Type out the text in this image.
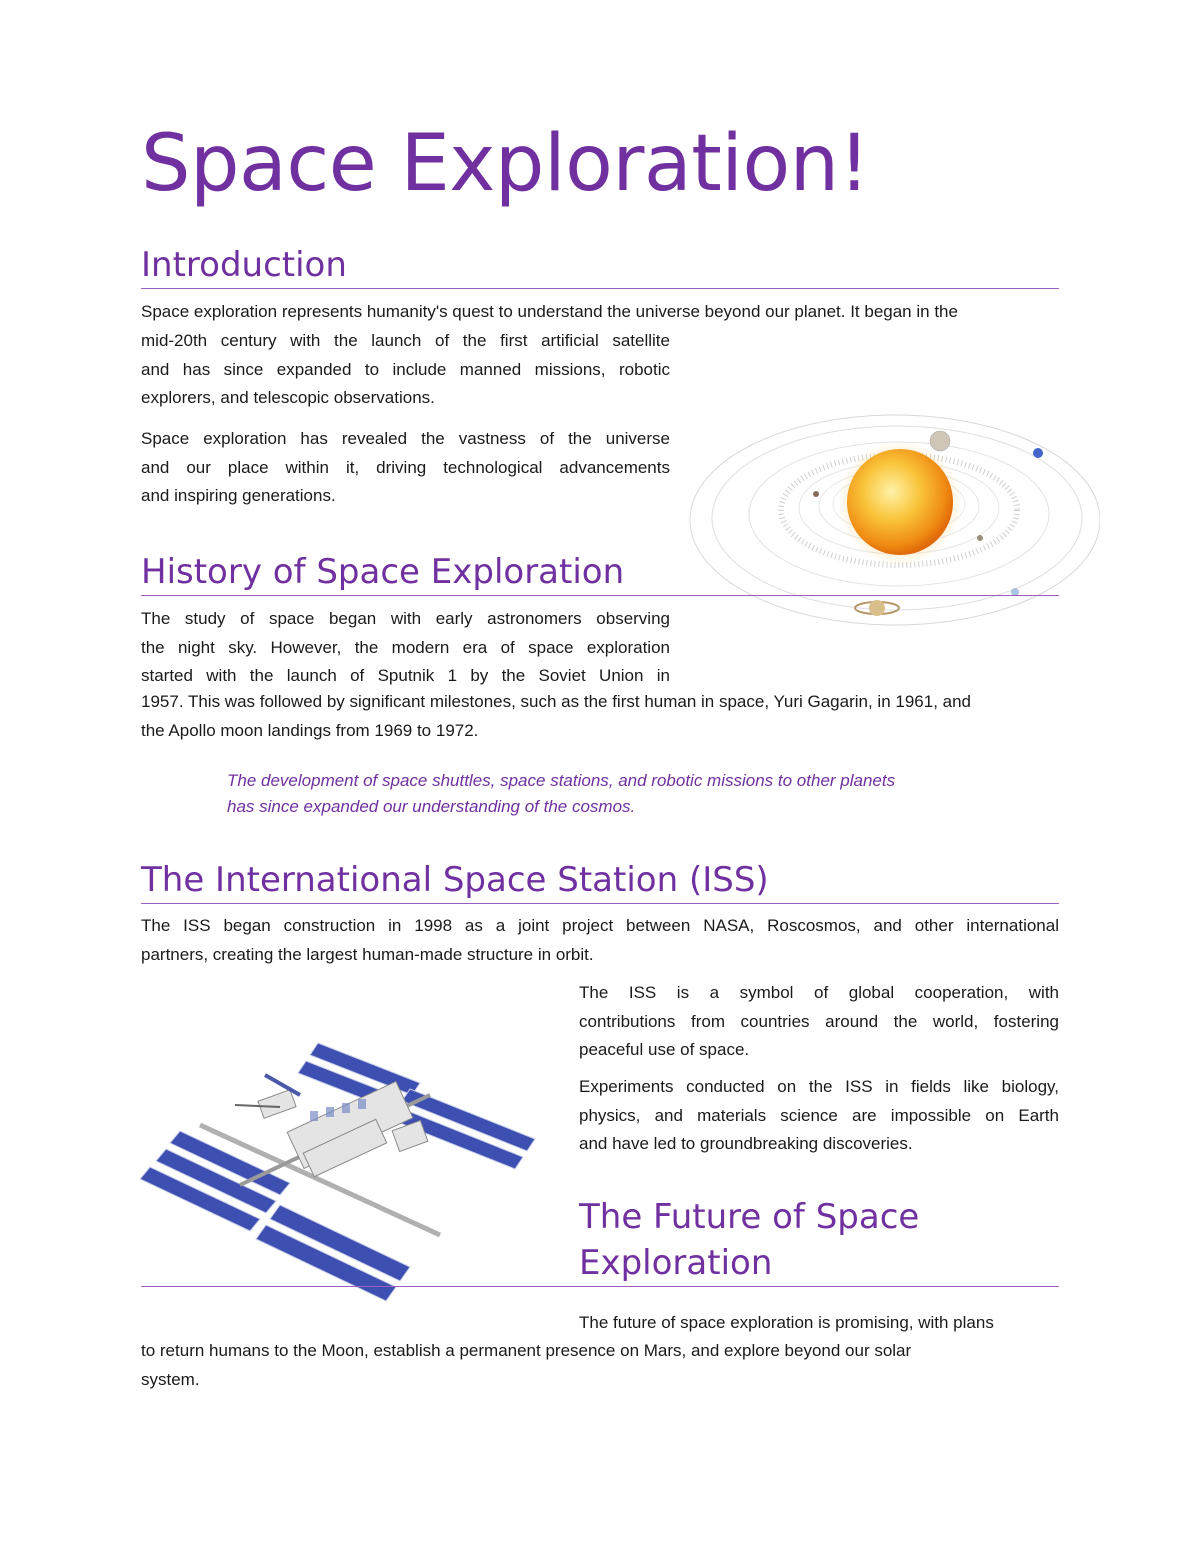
Space Exploration!
Introduction
Space exploration represents humanity's quest to understand the universe beyond our planet. It began in the
mid-20th century with the launch of the first artificial satellite
and has since expanded to include manned missions, robotic
explorers, and telescopic observations.
Space exploration has revealed the vastness of the universe
and our place within it, driving technological advancements
and inspiring generations.
History of Space Exploration
The study of space began with early astronomers observing
the night sky. However, the modern era of space exploration
started with the launch of Sputnik 1 by the Soviet Union in
1957. This was followed by significant milestones, such as the first human in space, Yuri Gagarin, in 1961, and
the Apollo moon landings from 1969 to 1972.
The development of space shuttles, space stations, and robotic missions to other planets
has since expanded our understanding of the cosmos.
The International Space Station (ISS)
The ISS began construction in 1998 as a joint project between NASA, Roscosmos, and other international
partners, creating the largest human-made structure in orbit.
The ISS is a symbol of global cooperation, with
contributions from countries around the world, fostering
peaceful use of space.
Experiments conducted on the ISS in fields like biology,
physics, and materials science are impossible on Earth
and have led to groundbreaking discoveries.
The Future of Space
Exploration
The future of space exploration is promising, with plans
to return humans to the Moon, establish a permanent presence on Mars, and explore beyond our solar
system.
